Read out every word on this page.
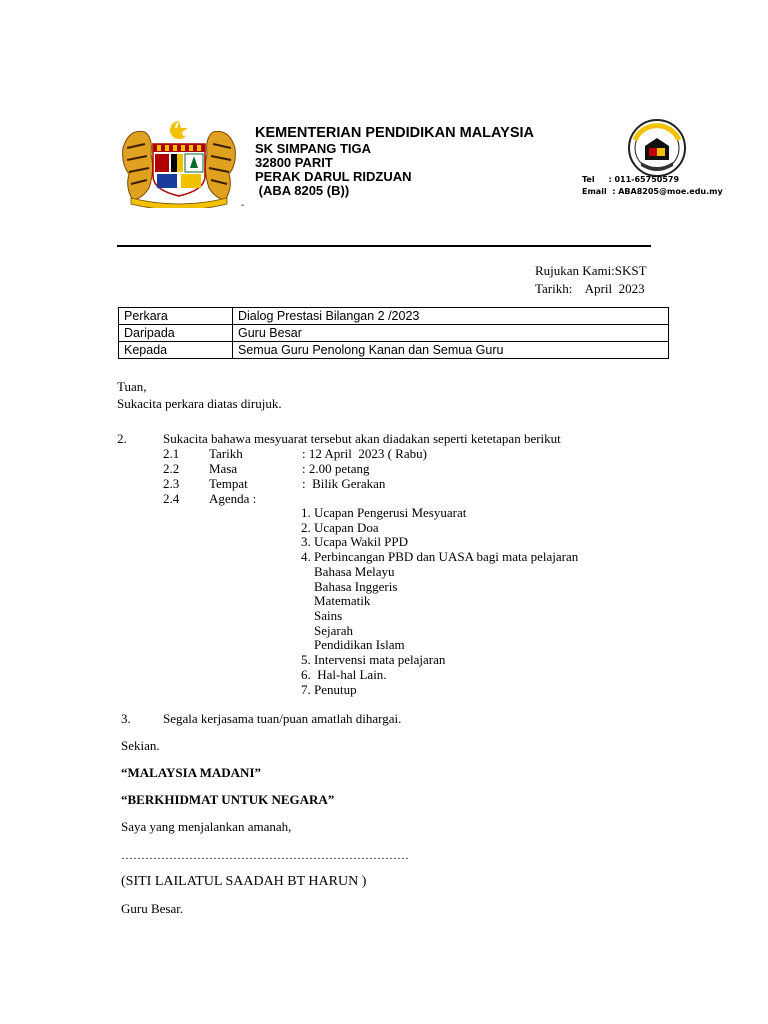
KEMENTERIAN PENDIDIKAN MALAYSIA
SK SIMPANG TIGA
32800 PARIT
PERAK DARUL RIDZUAN
(ABA 8205 (B))
-
Tel     : 011-65750579
Email  : ABA8205@moe.edu.my
Rujukan Kami:SKST
Tarikh:    April  2023
Perkara	Dialog Prestasi Bilangan 2 /2023
Daripada	Guru Besar
Kepada	Semua Guru Penolong Kanan dan Semua Guru
Tuan,
Sukacita perkara diatas dirujuk.
2.	Sukacita bahawa mesyuarat tersebut akan diadakan seperti ketetapan berikut
2.1 Tarikh	: 12 April  2023 ( Rabu)
2.2 Masa	: 2.00 petang
2.3 Tempat	:  Bilik Gerakan
2.4 Agenda :
1. Ucapan Pengerusi Mesyuarat
2. Ucapan Doa
3. Ucapa Wakil PPD
4. Perbincangan PBD dan UASA bagi mata pelajaran
Bahasa Melayu
Bahasa Inggeris
Matematik
Sains
Sejarah
Pendidikan Islam
5. Intervensi mata pelajaran
6.  Hal-hal Lain.
7. Penutup
3. Segala kerjasama tuan/puan amatlah dihargai.
Sekian.
“MALAYSIA MADANI”
“BERKHIDMAT UNTUK NEGARA”
Saya yang menjalankan amanah,
………………………………………………………………
(SITI LAILATUL SAADAH BT HARUN )
Guru Besar.
